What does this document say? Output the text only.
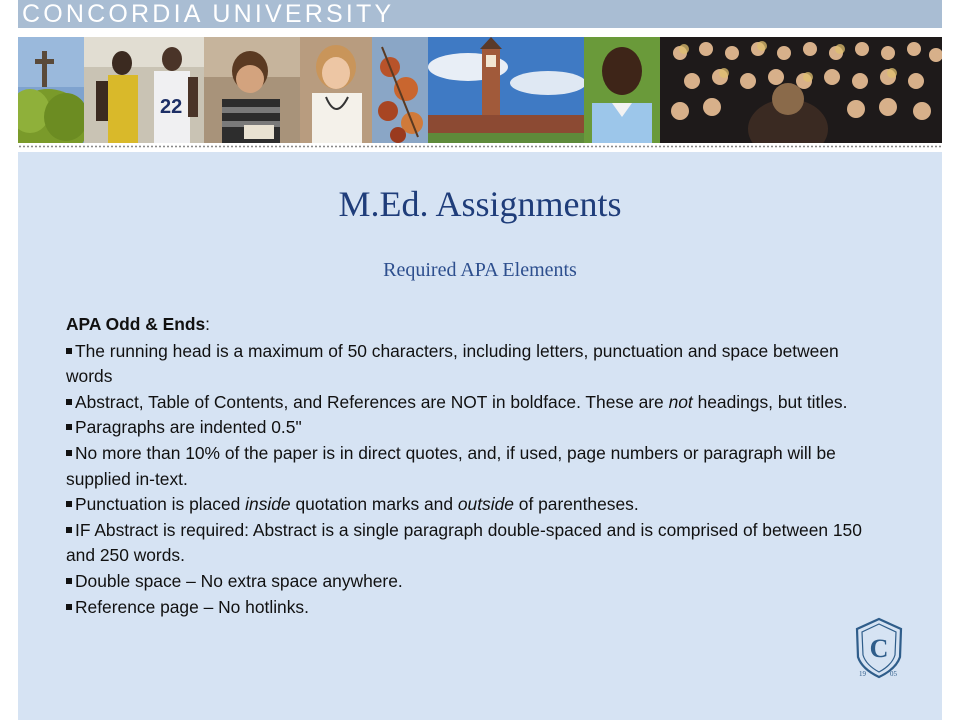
CONCORDIA UNIVERSITY
22
M.Ed. Assignments
Required APA Elements
APA Odd & Ends:
The running head is a maximum of 50 characters, including letters, punctuation and space between words
Abstract, Table of Contents, and References are NOT in boldface. These are not headings, but titles.
Paragraphs are indented 0.5"
No more than 10% of the paper is in direct quotes, and, if used, page numbers or paragraph will be supplied in-text.
Punctuation is placed inside quotation marks and outside of parentheses.
IF Abstract is required: Abstract is a single paragraph double-spaced and is comprised of between 150 and 250 words.
Double space – No extra space anywhere.
Reference page – No hotlinks.
C
19	05
